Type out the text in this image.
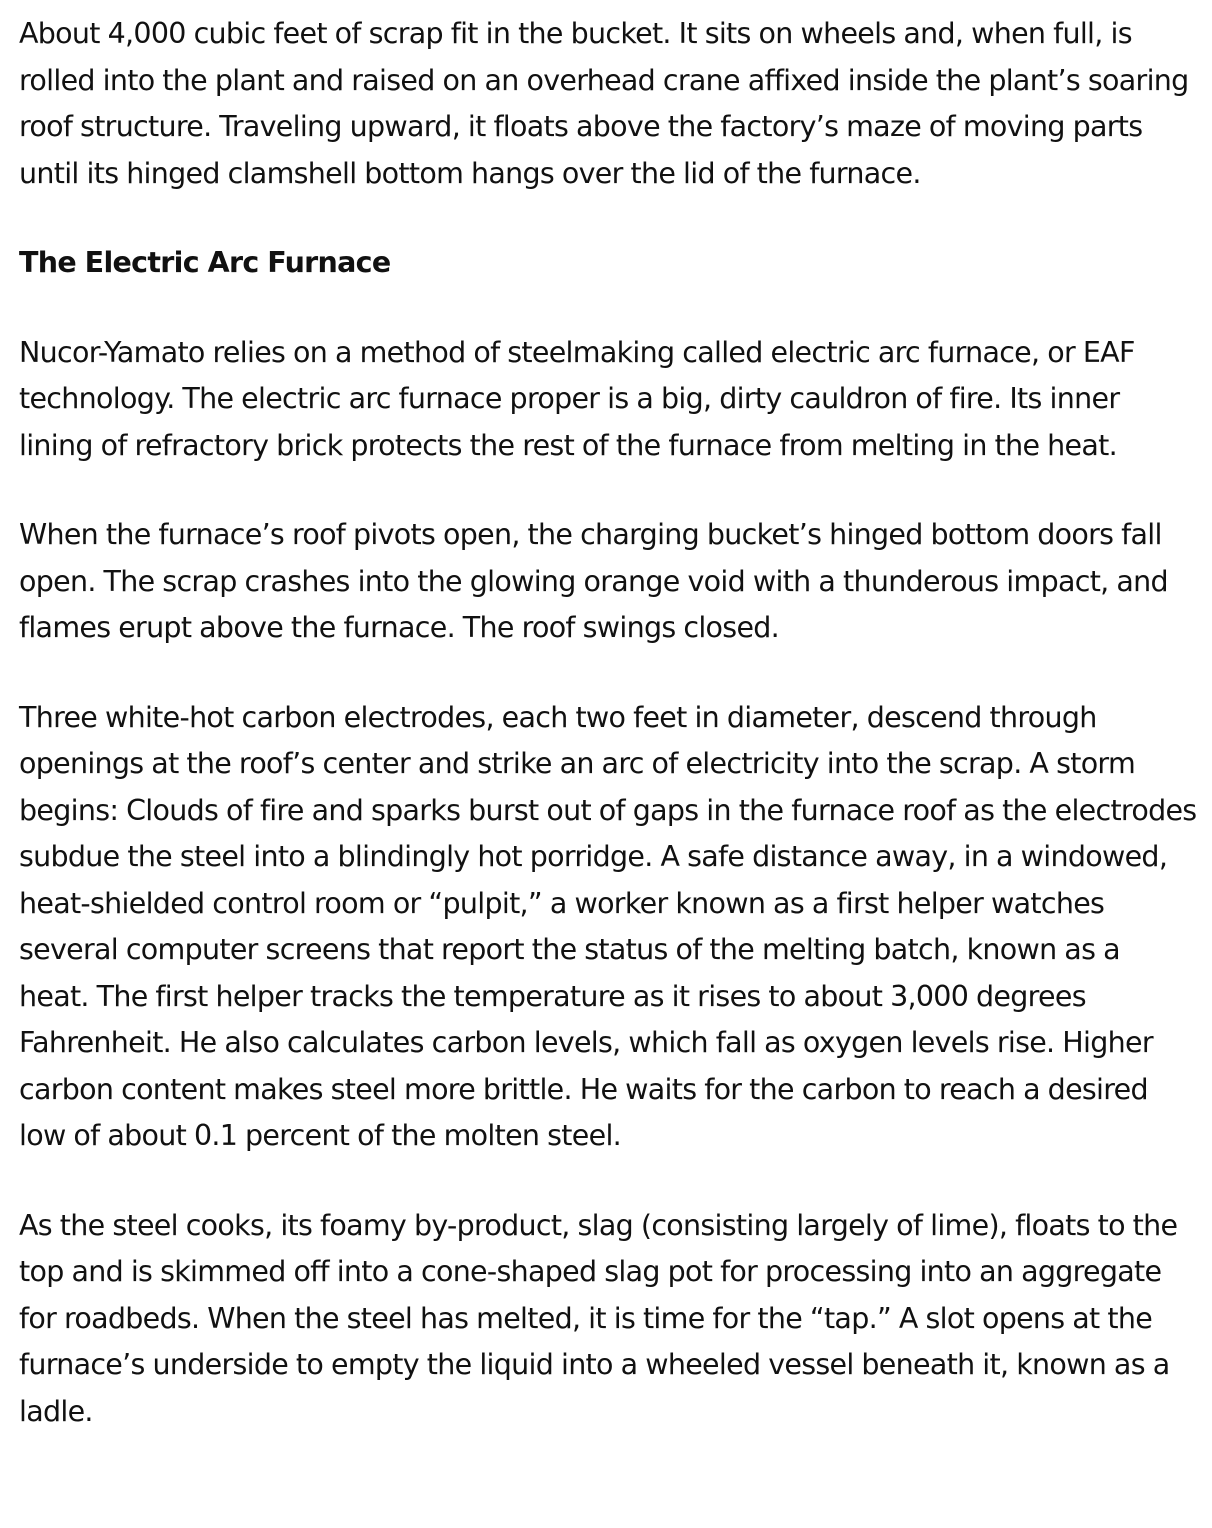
About 4,000 cubic feet of scrap fit in the bucket. It sits on wheels and, when full, is rolled into the plant and raised on an overhead crane affixed inside the plant’s soaring roof structure. Traveling upward, it floats above the factory’s maze of moving parts until its hinged clamshell bottom hangs over the lid of the furnace.

The Electric Arc Furnace

Nucor-Yamato relies on a method of steelmaking called electric arc furnace, or EAF technology. The electric arc furnace proper is a big, dirty cauldron of fire. Its inner lining of refractory brick protects the rest of the furnace from melting in the heat.

When the furnace’s roof pivots open, the charging bucket’s hinged bottom doors fall open. The scrap crashes into the glowing orange void with a thunderous impact, and flames erupt above the furnace. The roof swings closed.

Three white-hot carbon electrodes, each two feet in diameter, descend through openings at the roof’s center and strike an arc of electricity into the scrap. A storm begins: Clouds of fire and sparks burst out of gaps in the furnace roof as the electrodes subdue the steel into a blindingly hot porridge. A safe distance away, in a windowed, heat-shielded control room or “pulpit,” a worker known as a first helper watches several computer screens that report the status of the melting batch, known as a heat. The first helper tracks the temperature as it rises to about 3,000 degrees Fahrenheit. He also calculates carbon levels, which fall as oxygen levels rise. Higher carbon content makes steel more brittle. He waits for the carbon to reach a desired low of about 0.1 percent of the molten steel.

As the steel cooks, its foamy by-product, slag (consisting largely of lime), floats to the top and is skimmed off into a cone-shaped slag pot for processing into an aggregate for roadbeds. When the steel has melted, it is time for the “tap.” A slot opens at the furnace’s underside to empty the liquid into a wheeled vessel beneath it, known as a ladle.
